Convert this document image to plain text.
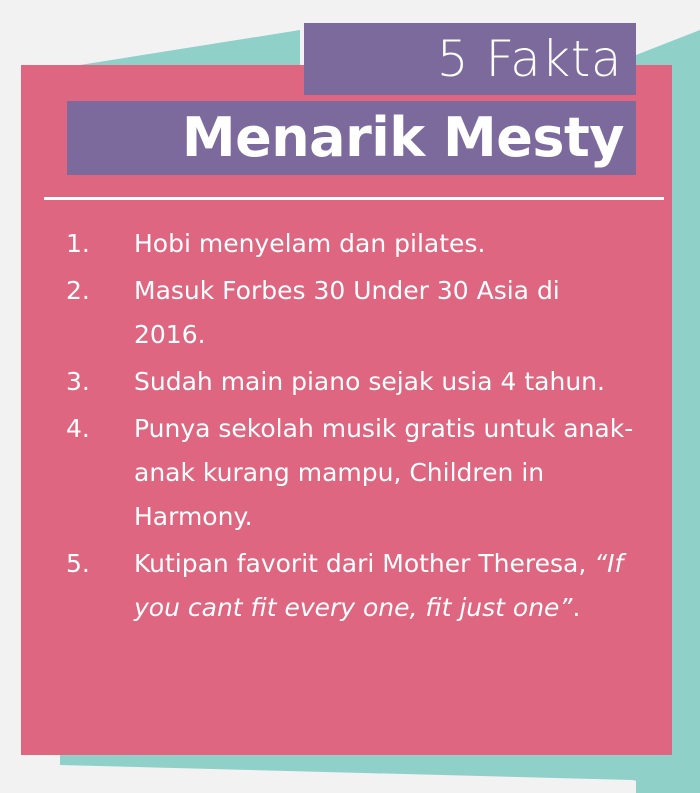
5 Fakta
Menarik Mesty
1.	Hobi menyelam dan pilates.
2.	Masuk Forbes 30 Under 30 Asia di 2016.
3.	Sudah main piano sejak usia 4 tahun.
4.	Punya sekolah musik gratis untuk anak-anak kurang mampu, Children in Harmony.
5.	Kutipan favorit dari Mother Theresa, “If you cant fit every one, fit just one”.
